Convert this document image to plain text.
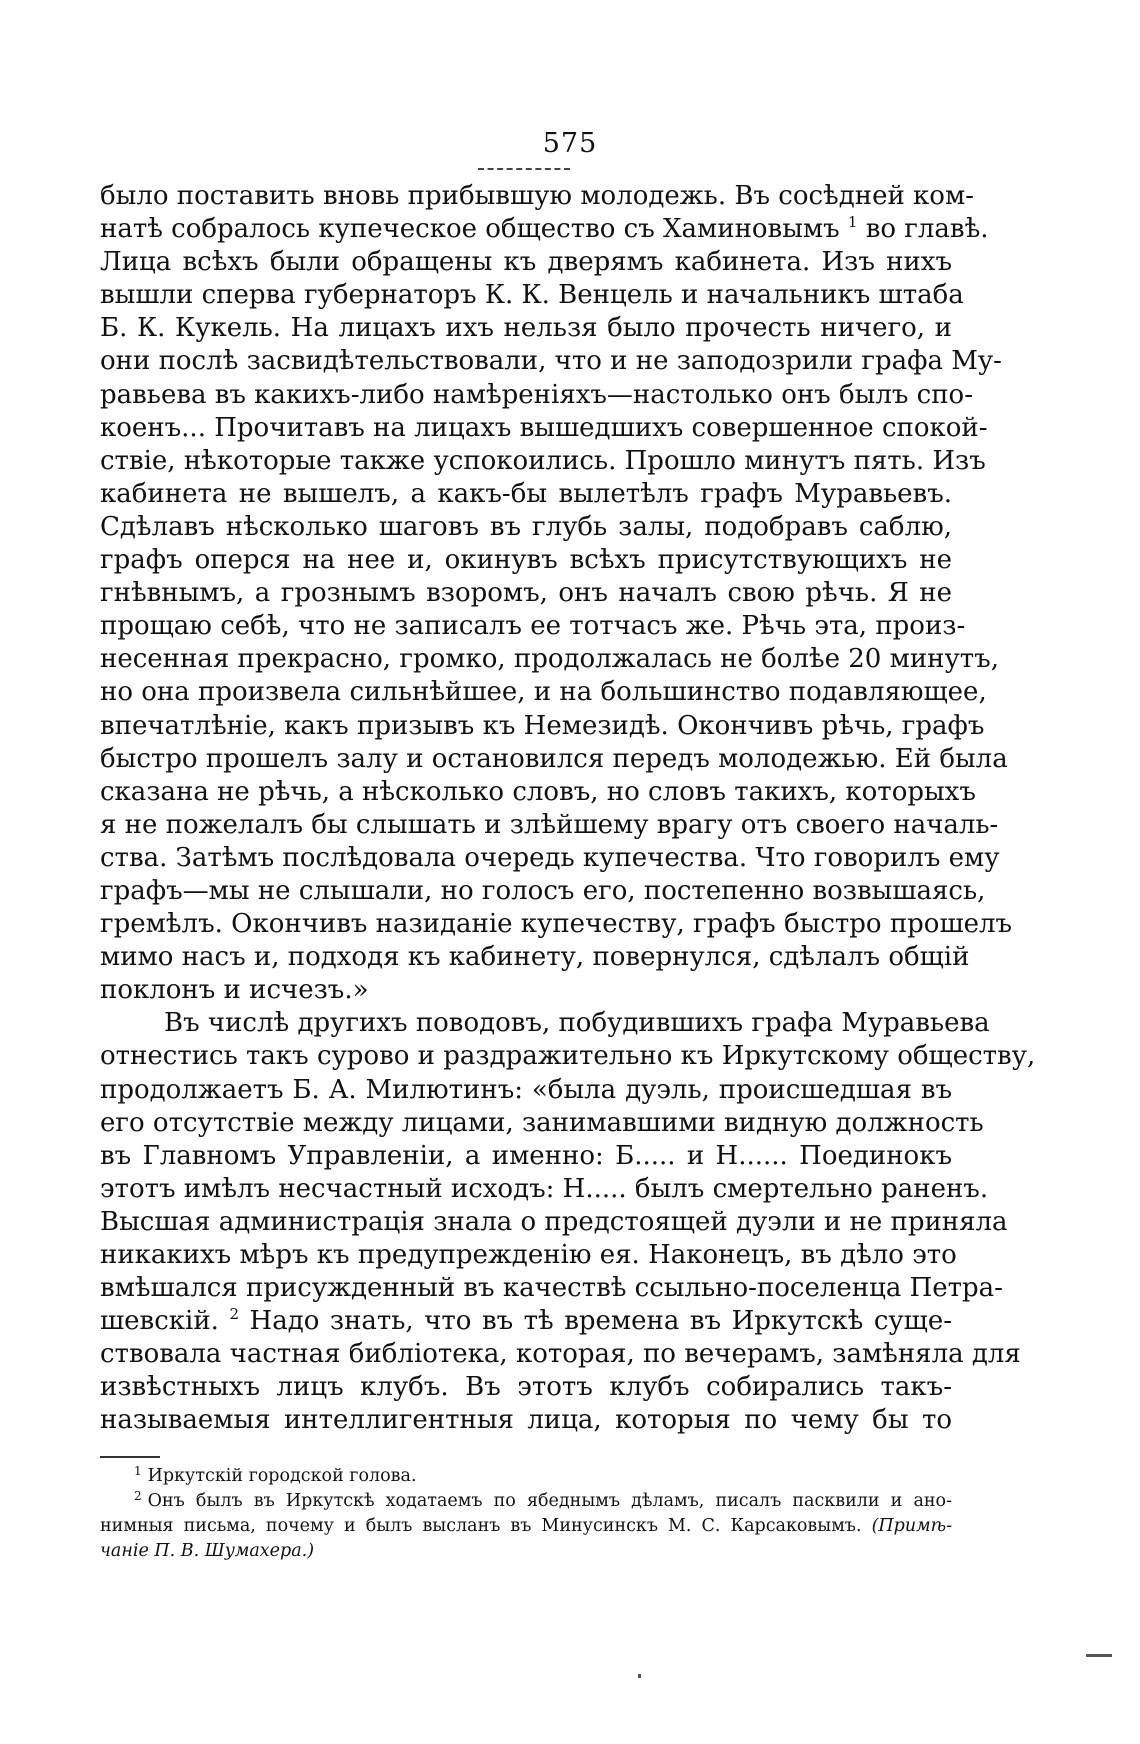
575
было поставить вновь прибывшую молодежь. Въ сосѣдней ком-
натѣ собралось купеческое общество съ Хаминовымъ $^1$ во главѣ.
Лица всѣхъ были обращены къ дверямъ кабинета. Изъ нихъ
вышли сперва губернаторъ К. К. Венцель и начальникъ штаба
Б. К. Кукель. На лицахъ ихъ нельзя было прочесть ничего, и
они послѣ засвидѣтельствовали, что и не заподозрили графа Му-
равьева въ какихъ-либо намѣреніяхъ—настолько онъ былъ спо-
коенъ... Прочитавъ на лицахъ вышедшихъ совершенное спокой-
ствіе, нѣкоторые также успокоились. Прошло минутъ пять. Изъ
кабинета не вышелъ, а какъ-бы вылетѣлъ графъ Муравьевъ.
Сдѣлавъ нѣсколько шаговъ въ глубь залы, подобравъ саблю,
графъ оперся на нее и, окинувъ всѣхъ присутствующихъ не
гнѣвнымъ, а грознымъ взоромъ, онъ началъ свою рѣчь. Я не
прощаю себѣ, что не записалъ ее тотчасъ же. Рѣчь эта, произ-
несенная прекрасно, громко, продолжалась не болѣе 20 минутъ,
но она произвела сильнѣйшее, и на большинство подавляющее,
впечатлѣніе, какъ призывъ къ Немезидѣ. Окончивъ рѣчь, графъ
быстро прошелъ залу и остановился передъ молодежью. Ей была
сказана не рѣчь, а нѣсколько словъ, но словъ такихъ, которыхъ
я не пожелалъ бы слышать и злѣйшему врагу отъ своего началь-
ства. Затѣмъ послѣдовала очередь купечества. Что говорилъ ему
графъ—мы не слышали, но голосъ его, постепенно возвышаясь,
гремѣлъ. Окончивъ назиданіе купечеству, графъ быстро прошелъ
мимо насъ и, подходя къ кабинету, повернулся, сдѣлалъ общій
поклонъ и исчезъ.»
Въ числѣ другихъ поводовъ, побудившихъ графа Муравьева
отнестись такъ сурово и раздражительно къ Иркутскому обществу,
продолжаетъ Б. А. Милютинъ: «была дуэль, происшедшая въ
его отсутствіе между лицами, занимавшими видную должность
въ Главномъ Управленіи, а именно: Б..... и Н...... Поединокъ
этотъ имѣлъ несчастный исходъ: Н..... былъ смертельно раненъ.
Высшая администрація знала о предстоящей дуэли и не приняла
никакихъ мѣръ къ предупрежденію ея. Наконецъ, въ дѣло это
вмѣшался присужденный въ качествѣ ссыльно-поселенца Петра-
шевскій. $^2$ Надо знать, что въ тѣ времена въ Иркутскѣ суще-
ствовала частная библіотека, которая, по вечерамъ, замѣняла для
извѣстныхъ лицъ клубъ. Въ этотъ клубъ собирались такъ-
называемыя интеллигентныя лица, которыя по чему бы то
$^1$ Иркутскій городской голова.
$^2$ Онъ былъ въ Иркутскѣ ходатаемъ по ябеднымъ дѣламъ, писалъ пасквили и ано-
нимныя письма, почему и былъ высланъ въ Минусинскъ М. С. Карсаковымъ. (Примѣ-
чаніе П. В. Шумахера.)
